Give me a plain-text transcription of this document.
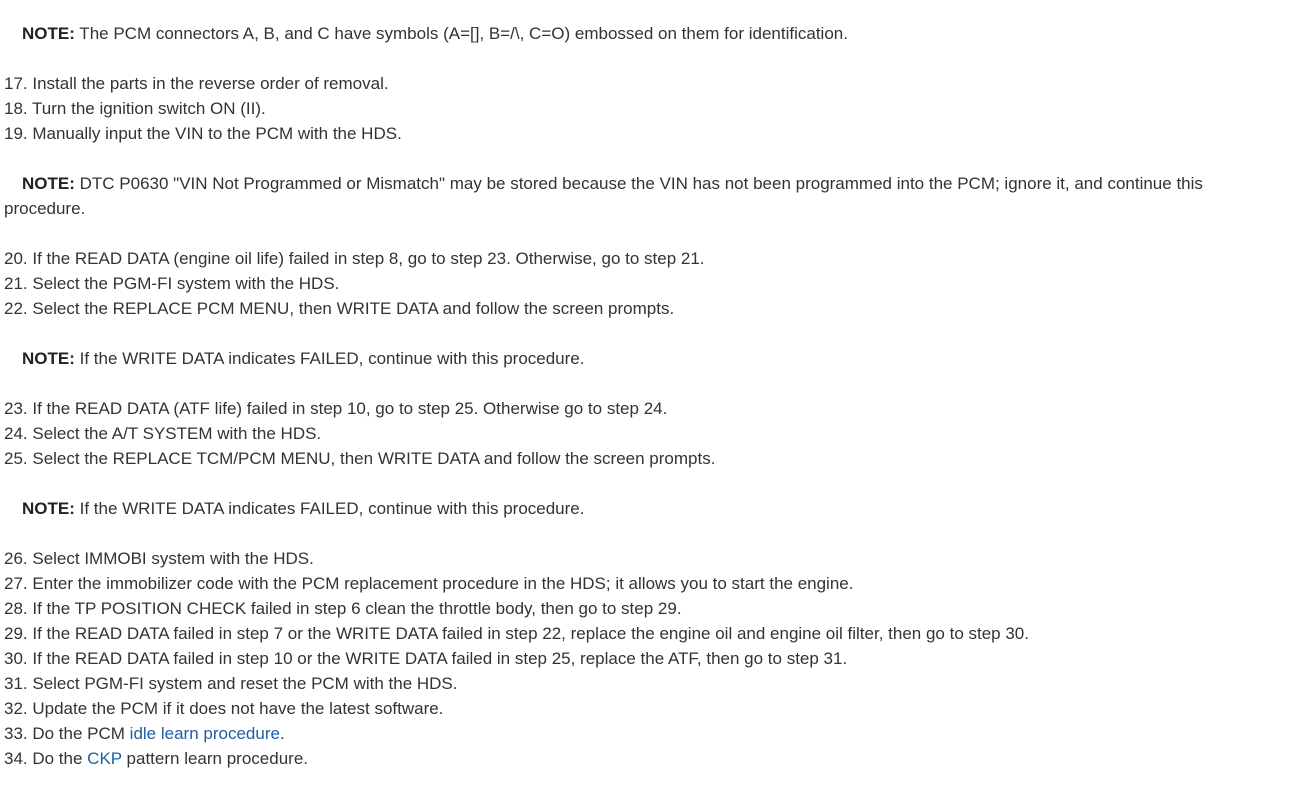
NOTE: The PCM connectors A, B, and C have symbols (A=[], B=/\, C=O) embossed on them for identification.

17. Install the parts in the reverse order of removal.

18. Turn the ignition switch ON (II).

19. Manually input the VIN to the PCM with the HDS.

NOTE: DTC P0630 "VIN Not Programmed or Mismatch" may be stored because the VIN has not been programmed into the PCM; ignore it, and continue this procedure.

20. If the READ DATA (engine oil life) failed in step 8, go to step 23. Otherwise, go to step 21.

21. Select the PGM-FI system with the HDS.

22. Select the REPLACE PCM MENU, then WRITE DATA and follow the screen prompts.

NOTE: If the WRITE DATA indicates FAILED, continue with this procedure.

23. If the READ DATA (ATF life) failed in step 10, go to step 25. Otherwise go to step 24.

24. Select the A/T SYSTEM with the HDS.

25. Select the REPLACE TCM/PCM MENU, then WRITE DATA and follow the screen prompts.

NOTE: If the WRITE DATA indicates FAILED, continue with this procedure.

26. Select IMMOBI system with the HDS.

27. Enter the immobilizer code with the PCM replacement procedure in the HDS; it allows you to start the engine.

28. If the TP POSITION CHECK failed in step 6 clean the throttle body, then go to step 29.

29. If the READ DATA failed in step 7 or the WRITE DATA failed in step 22, replace the engine oil and engine oil filter, then go to step 30.

30. If the READ DATA failed in step 10 or the WRITE DATA failed in step 25, replace the ATF, then go to step 31.

31. Select PGM-FI system and reset the PCM with the HDS.

32. Update the PCM if it does not have the latest software.

33. Do the PCM idle learn procedure.

34. Do the CKP pattern learn procedure.
